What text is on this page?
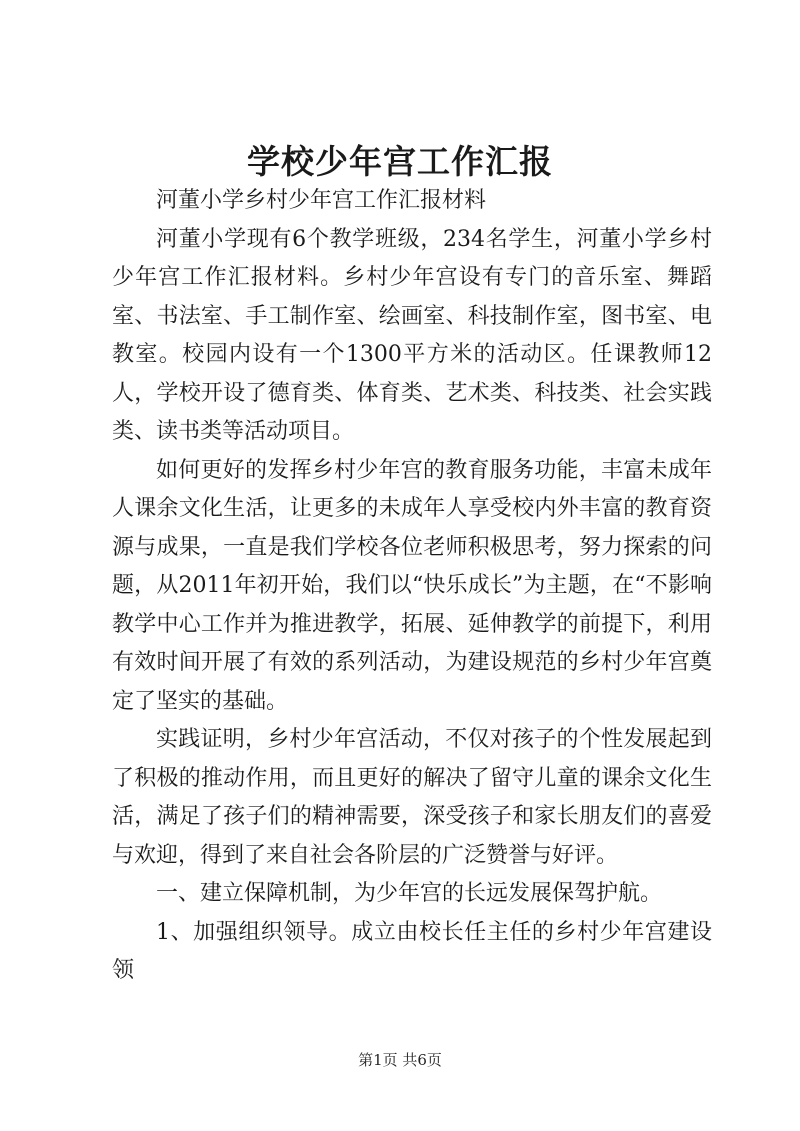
学校少年宫工作汇报

河董小学乡村少年宫工作汇报材料

河董小学现有6个教学班级，234名学生，河董小学乡村少年宫工作汇报材料。乡村少年宫设有专门的音乐室、舞蹈室、书法室、手工制作室、绘画室、科技制作室，图书室、电教室。校园内设有一个1300平方米的活动区。任课教师12人，学校开设了德育类、体育类、艺术类、科技类、社会实践类、读书类等活动项目。

如何更好的发挥乡村少年宫的教育服务功能，丰富未成年人课余文化生活，让更多的未成年人享受校内外丰富的教育资源与成果，一直是我们学校各位老师积极思考，努力探索的问题，从2011年初开始，我们以“快乐成长”为主题，在“不影响教学中心工作并为推进教学，拓展、延伸教学的前提下，利用有效时间开展了有效的系列活动，为建设规范的乡村少年宫奠定了坚实的基础。

实践证明，乡村少年宫活动，不仅对孩子的个性发展起到了积极的推动作用，而且更好的解决了留守儿童的课余文化生活，满足了孩子们的精神需要，深受孩子和家长朋友们的喜爱与欢迎，得到了来自社会各阶层的广泛赞誉与好评。

一、建立保障机制，为少年宫的长远发展保驾护航。

1、加强组织领导。成立由校长任主任的乡村少年宫建设领

第1页 共6页
